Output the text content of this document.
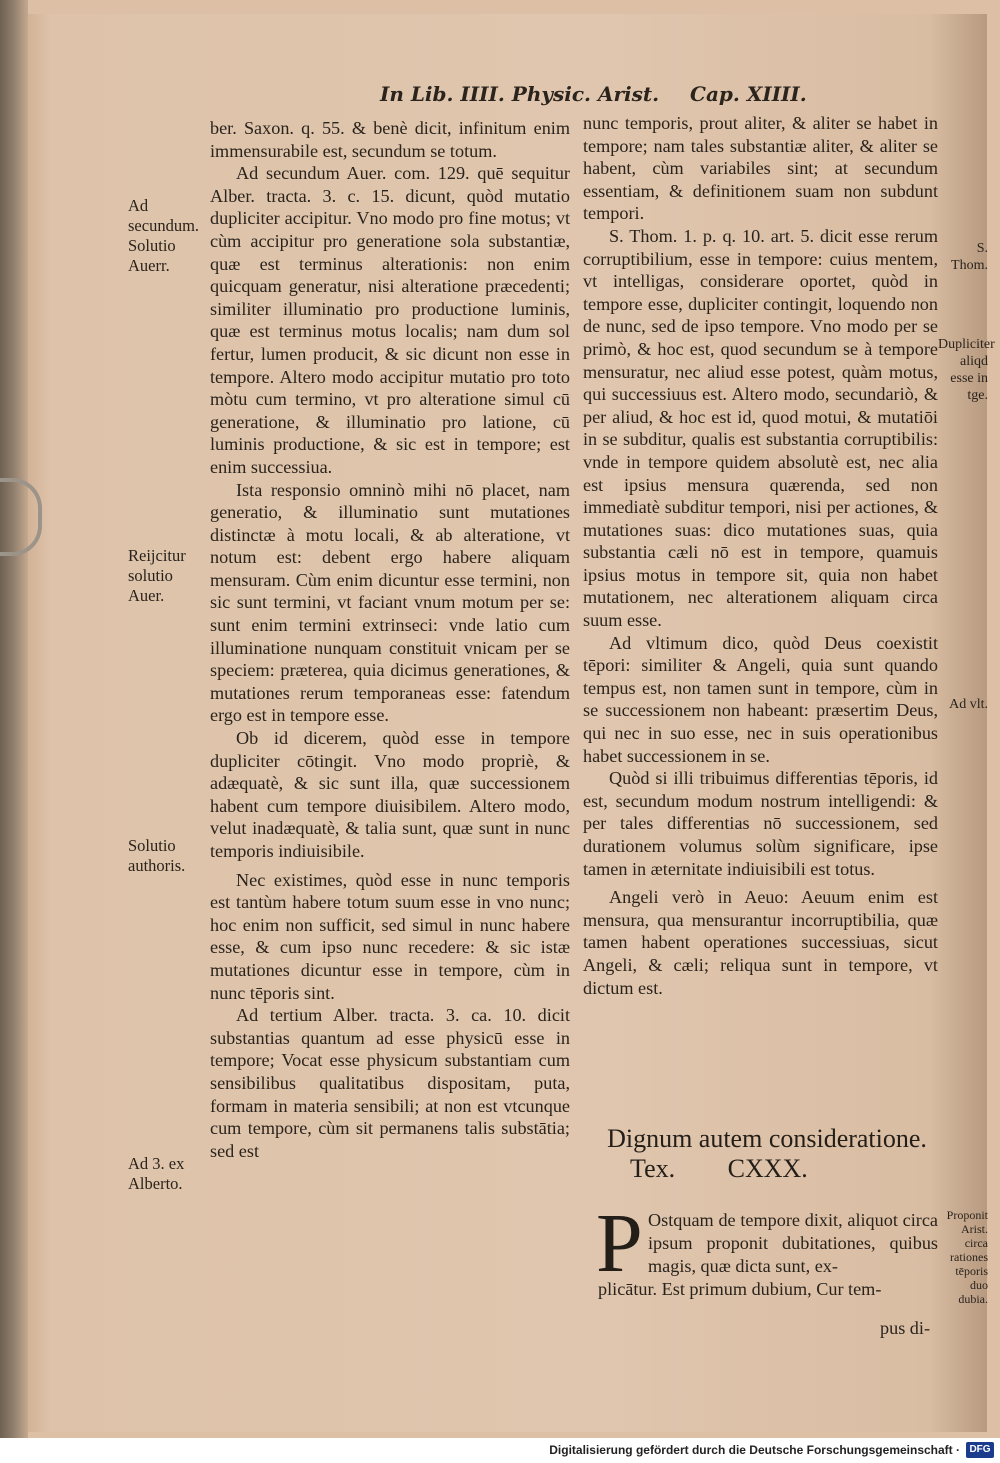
In Lib. IIII. Physic. Arist. Cap. XIIII.
Ad secundum. Solutio Auerr.
Reijcitur solutio Auer.
Solutio authoris.
Ad 3. ex Alberto.
S. Thom.
Dupliciter aliqd esse in tge.
Ad vlt.
Proponit Arist. circa rationes tēporis duo dubia.

ber. Saxon. q. 55. & benè dicit, infinitum enim immensurabile est, secundum se totum.

Ad secundum Auer. com. 129. quē sequitur Alber. tracta. 3. c. 15. dicunt, quòd mutatio dupliciter accipitur. Vno modo pro fine motus; vt cùm accipitur pro generatione sola substantiæ, quæ est terminus alterationis: non enim quicquam generatur, nisi alteratione præcedenti; similiter illuminatio pro productione luminis, quæ est terminus motus localis; nam dum sol fertur, lumen producit, & sic dicunt non esse in tempore. Altero modo accipitur mutatio pro toto mòtu cum termino, vt pro alteratione simul cū generatione, & illuminatio pro latione, cū luminis productione, & sic est in tempore; est enim successiua.

Ista responsio omninò mihi nō placet, nam generatio, & illuminatio sunt mutationes distinctæ à motu locali, & ab alteratione, vt notum est: debent ergo habere aliquam mensuram. Cùm enim dicuntur esse termini, non sic sunt termini, vt faciant vnum motum per se: sunt enim termini extrinseci: vnde latio cum illuminatione nunquam constituit vnicam per se speciem: præterea, quia dicimus generationes, & mutationes rerum temporaneas esse: fatendum ergo est in tempore esse.

Ob id dicerem, quòd esse in tempore dupliciter cōtingit. Vno modo propriè, & adæquatè, & sic sunt illa, quæ successionem habent cum tempore diuisibilem. Altero modo, velut inadæquatè, & talia sunt, quæ sunt in nunc temporis indiuisibile.

Nec existimes, quòd esse in nunc temporis est tantùm habere totum suum esse in vno nunc; hoc enim non sufficit, sed simul in nunc habere esse, & cum ipso nunc recedere: & sic istæ mutationes dicuntur esse in tempore, cùm in nunc tēporis sint.

Ad tertium Alber. tracta. 3. ca. 10. dicit substantias quantum ad esse physicū esse in tempore; Vocat esse physicum substantiam cum sensibilibus qualitatibus dispositam, puta, formam in materia sensibili; at non est vtcunque cum tempore, cùm sit permanens talis substātia; sed est

nunc temporis, prout aliter, & aliter se habet in tempore; nam tales substantiæ aliter, & aliter se habent, cùm variabiles sint; at secundum essentiam, & definitionem suam non subdunt tempori.

S. Thom. 1. p. q. 10. art. 5. dicit esse rerum corruptibilium, esse in tempore: cuius mentem, vt intelligas, considerare oportet, quòd in tempore esse, dupliciter contingit, loquendo non de nunc, sed de ipso tempore. Vno modo per se primò, & hoc est, quod secundum se à tempore mensuratur, nec aliud esse potest, quàm motus, qui successiuus est. Altero modo, secundariò, & per aliud, & hoc est id, quod motui, & mutatiōi in se subditur, qualis est substantia corruptibilis: vnde in tempore quidem absolutè est, nec alia est ipsius mensura quærenda, sed non immediatè subditur tempori, nisi per actiones, & mutationes suas: dico mutationes suas, quia substantia cæli nō est in tempore, quamuis ipsius motus in tempore sit, quia non habet mutationem, nec alterationem aliquam circa suum esse.

Ad vltimum dico, quòd Deus coexistit tēpori: similiter & Angeli, quia sunt quando tempus est, non tamen sunt in tempore, cùm in se successionem non habeant: præsertim Deus, qui nec in suo esse, nec in suis operationibus habet successionem in se.

Quòd si illi tribuimus differentias tēporis, id est, secundum modum nostrum intelligendi: & per tales differentias nō successionem, sed durationem volumus solùm significare, ipse tamen in æternitate indiuisibili est totus.

Angeli verò in Aeuo: Aeuum enim est mensura, qua mensurantur incorruptibilia, quæ tamen habent operationes successiuas, sicut Angeli, & cæli; reliqua sunt in tempore, vt dictum est.

Dignum autem consideratione.
Tex. CXXX.
P Ostquam de tempore dixit, aliquot circa ipsum proponit dubitationes, quibus magis, quæ dicta sunt, ex-
plicātur. Est primum dubium, Cur tem-
pus di-
Digitalisierung gefördert durch die Deutsche Forschungsgemeinschaft · DFG
